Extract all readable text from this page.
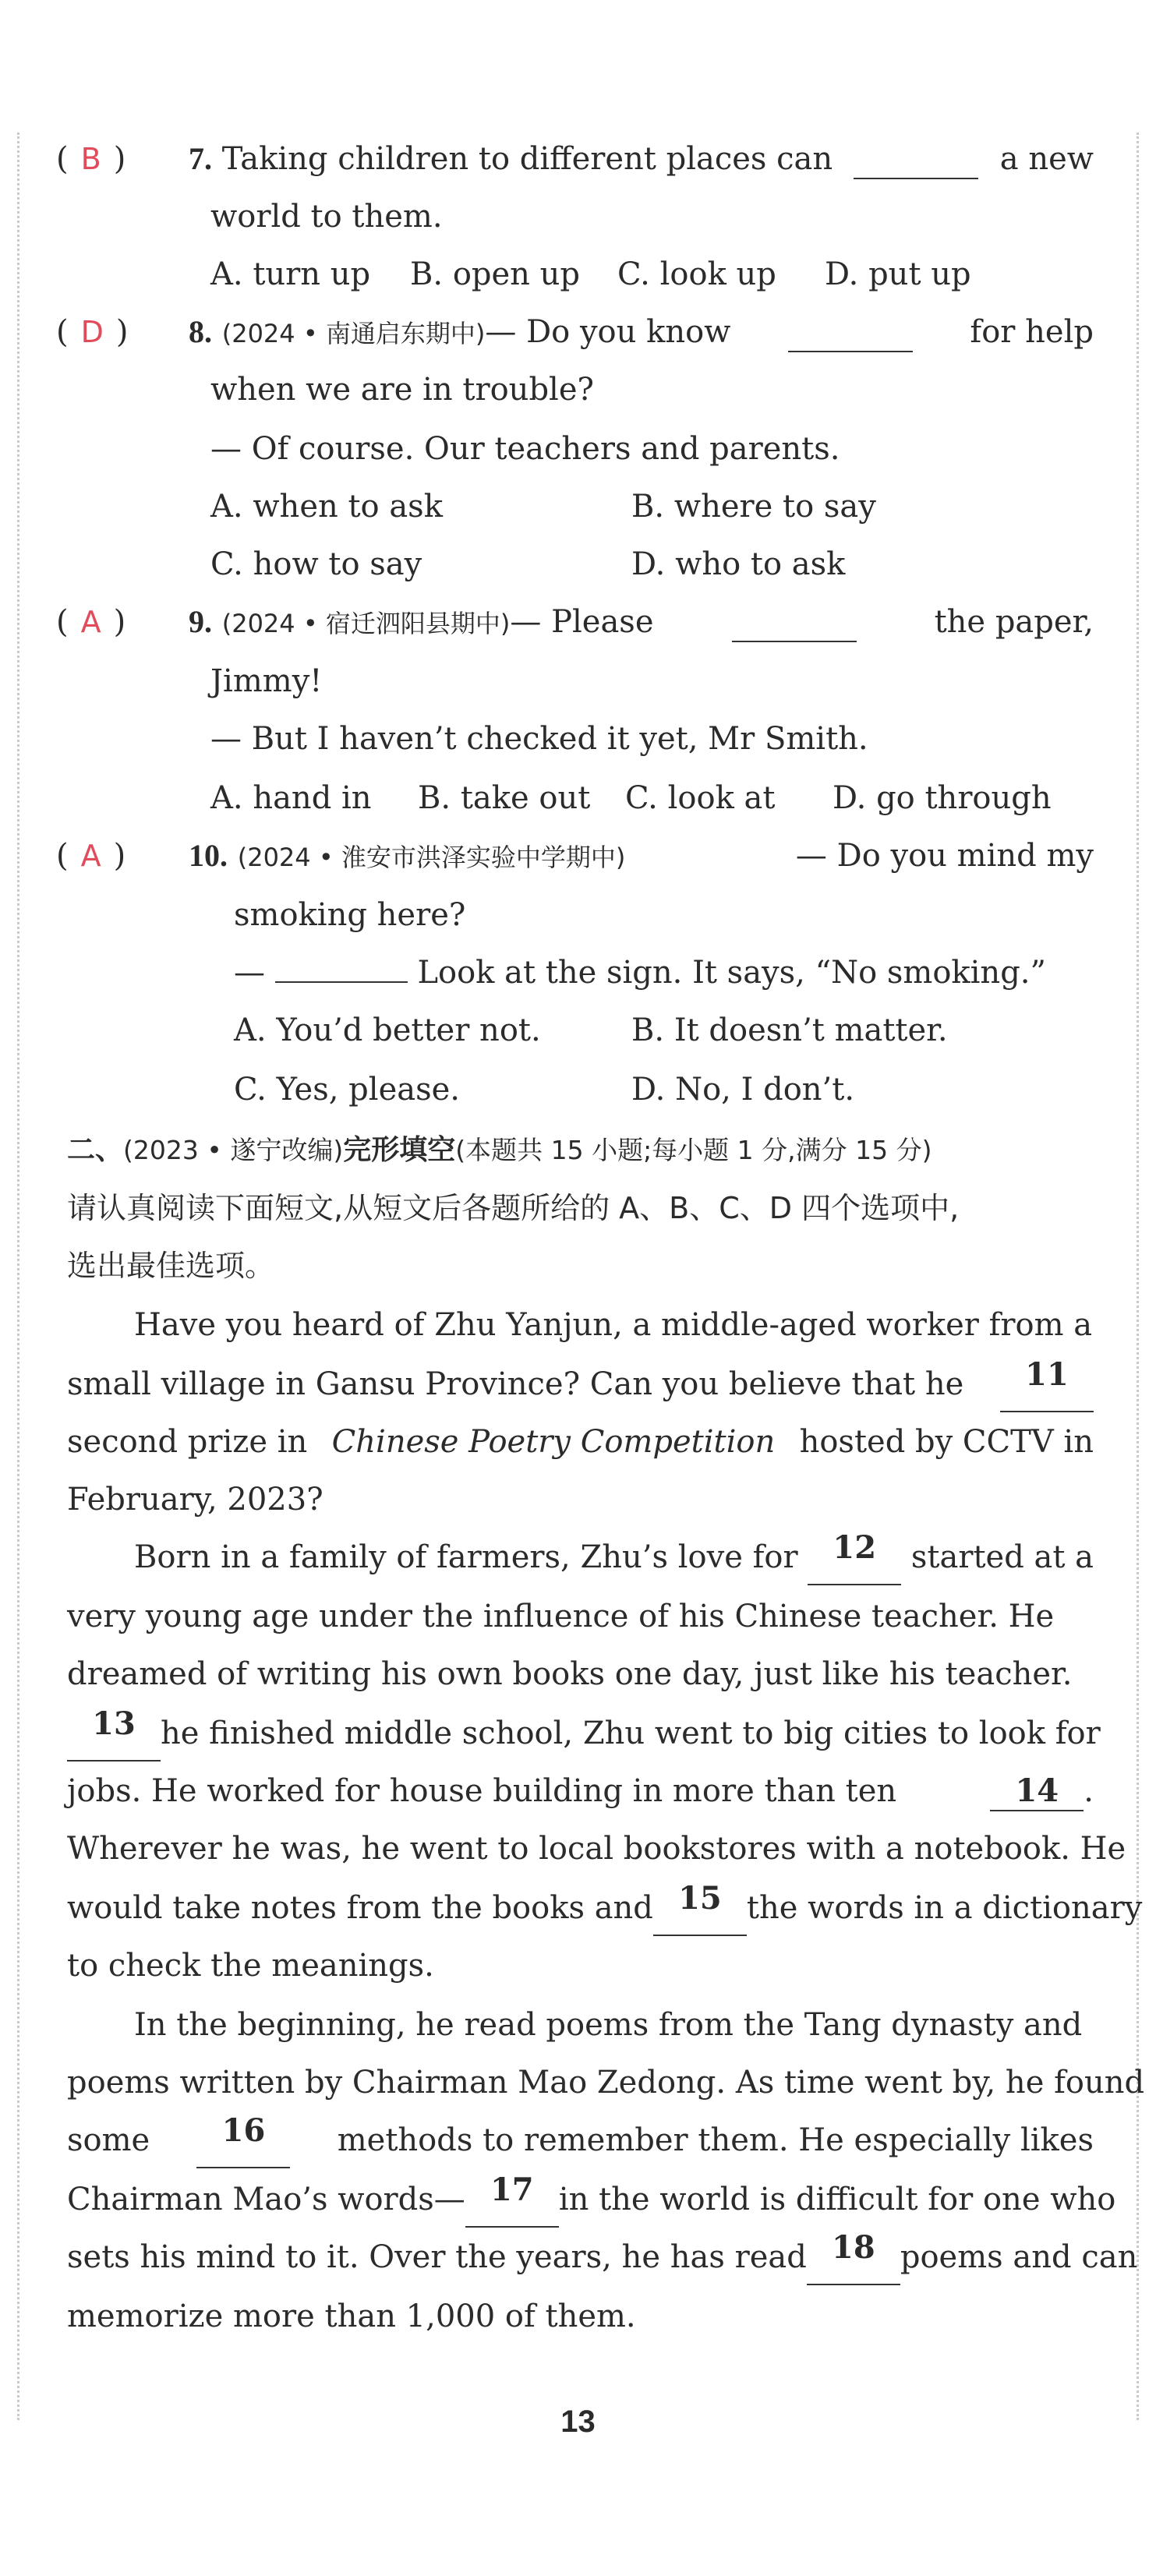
( B ) 7. Taking children to different places can	a new
world to them.
A. turn up	B. open up	C. look up	D. put up
( D ) 8. (2024 • 南通启东期中)— Do you know	for help
when we are in trouble?
— Of course. Our teachers and parents.
A. when to ask	B. where to say
C. how to say	D. who to ask
( A ) 9. (2024 • 宿迁泗阳县期中)— Please	the paper,
Jimmy!
— But I haven’t checked it yet, Mr Smith.
A. hand in	B. take out	C. look at	D. go through
( A ) 10. (2024 • 淮安市洪泽实验中学期中)	— Do you mind my
smoking here?
—	Look at the sign. It says, “No smoking.”
A. You’d better not.	B. It doesn’t matter.
C. Yes, please.	D. No, I don’t.
二、(2023 • 遂宁改编)完形填空(本题共 15 小题;每小题 1 分,满分 15 分)
请认真阅读下面短文,从短文后各题所给的 A、B、C、D 四个选项中,
选出最佳选项。
Have you heard of Zhu Yanjun, a middle-aged worker from a
small village in Gansu Province? Can you believe that he	11
second prize in Chinese Poetry Competition hosted by CCTV in
February, 2023?
Born in a family of farmers, Zhu’s love for	12	started at a
very young age under the influence of his Chinese teacher. He
dreamed of writing his own books one day, just like his teacher.
13 he finished middle school, Zhu went to big cities to look for
jobs. He worked for house building in more than ten	14 .
Wherever he was, he went to local bookstores with a notebook. He
would take notes from the books and 15 the words in a dictionary
to check the meanings.
In the beginning, he read poems from the Tang dynasty and
poems written by Chairman Mao Zedong. As time went by, he found
some	16	methods to remember them. He especially likes
Chairman Mao’s words— 17 in the world is difficult for one who
sets his mind to it. Over the years, he has read 18 poems and can
memorize more than 1,000 of them.
13
